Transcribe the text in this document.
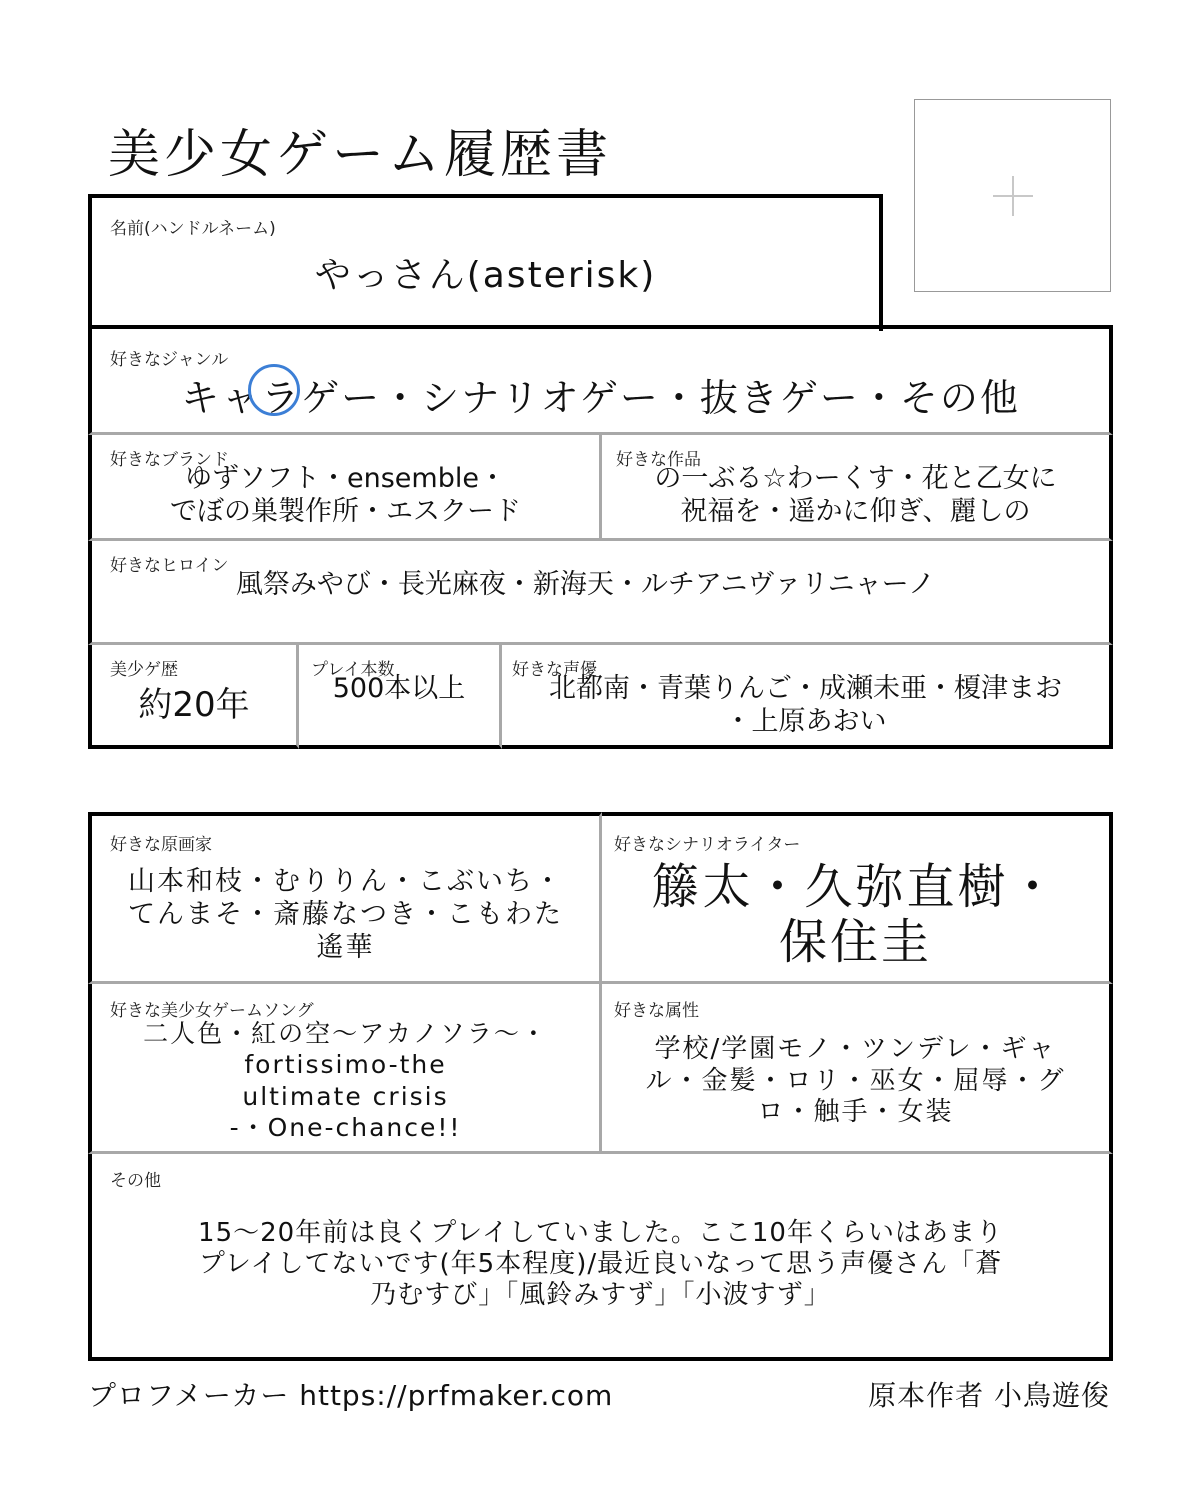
美少女ゲーム履歴書
名前(ハンドルネーム)
やっさん(asterisk)
好きなジャンル
キャラゲー・シナリオゲー・抜きゲー・その他
好きなブランド
ゆずソフト・ensemble・
でぼの巣製作所・エスクード
好きな作品
の一ぶる☆わーくす・花と乙女に
祝福を・遥かに仰ぎ、麗しの
好きなヒロイン
風祭みやび・長光麻夜・新海天・ルチアニヴァリニャーノ
美少ゲ歴
約20年
プレイ本数
500本以上
好きな声優
北都南・青葉りんご・成瀬未亜・榎津まお
・上原あおい
好きな原画家
山本和枝・むりりん・こぶいち・
てんまそ・斎藤なつき・こもわた
遙華
好きなシナリオライター
籐太・久弥直樹・
保住圭
好きな美少女ゲームソング
二人色・紅の空〜アカノソラ〜・
fortissimo-the
ultimate crisis
-・One-chance!!
好きな属性
学校/学園モノ・ツンデレ・ギャ
ル・金髪・ロリ・巫女・屈辱・グ
ロ・触手・女装
その他
15〜20年前は良くプレイしていました。ここ10年くらいはあまり
プレイしてないです(年5本程度)/最近良いなって思う声優さん「蒼
乃むすび」「風鈴みすず」「小波すず」
プロフメーカー https://prfmaker.com	原本作者 小鳥遊俊
